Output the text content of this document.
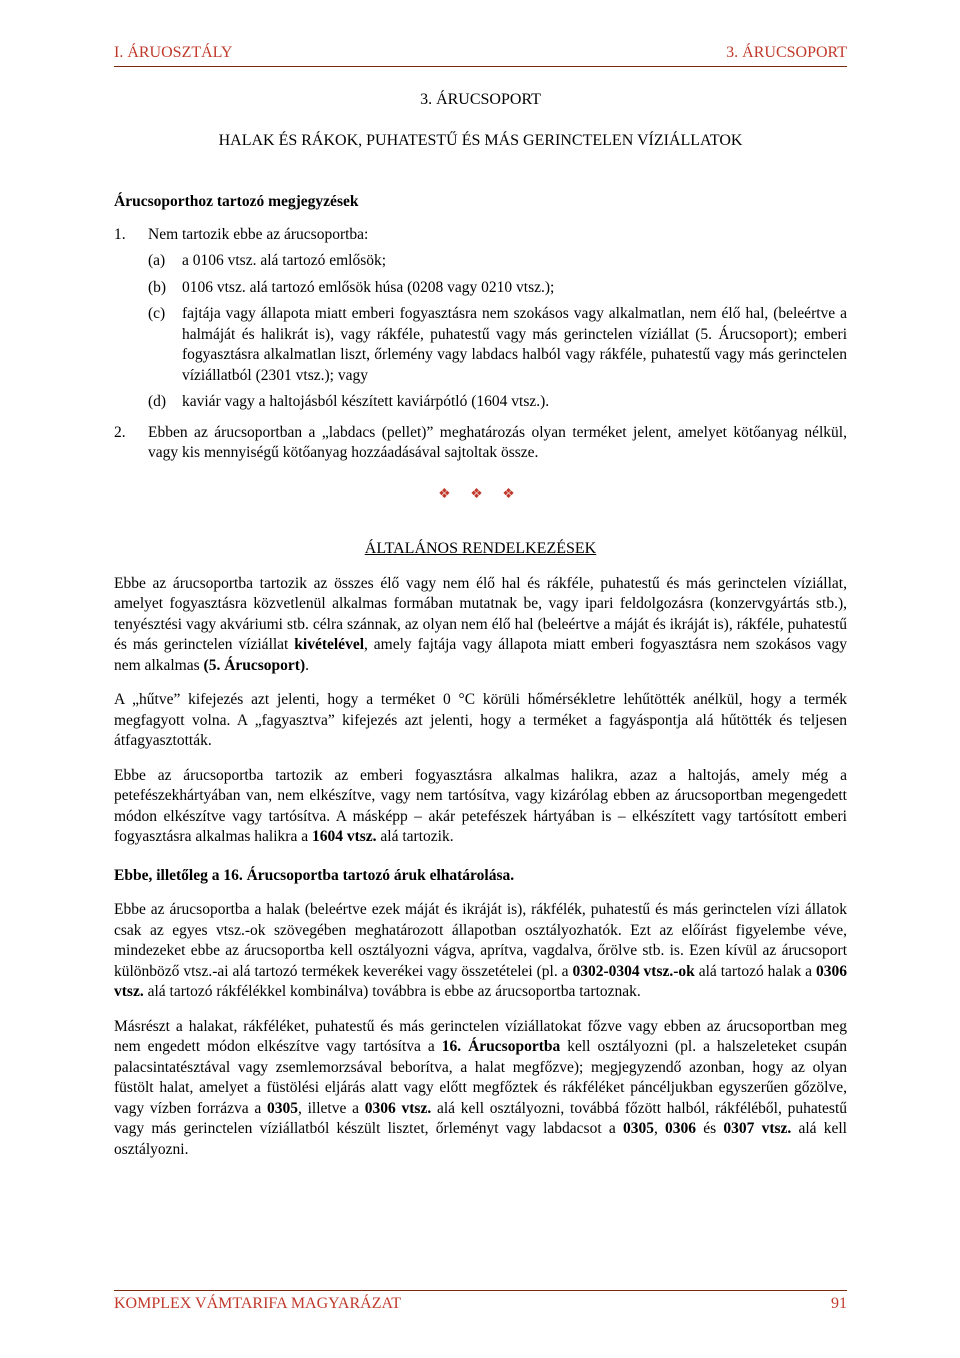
I. ÁRUOSZTÁLY	3. ÁRUCSOPORT
3. ÁRUCSOPORT
HALAK ÉS RÁKOK, PUHATESTŰ ÉS MÁS GERINCTELEN VÍZIÁLLATOK
Árucsoporthoz tartozó megjegyzések
1.	Nem tartozik ebbe az árucsoportba:
(a)	a 0106 vtsz. alá tartozó emlősök;
(b)	0106 vtsz. alá tartozó emlősök húsa (0208 vagy 0210 vtsz.);
(c)	fajtája vagy állapota miatt emberi fogyasztásra nem szokásos vagy alkalmatlan, nem élő hal, (beleértve a halmáját és halikrát is), vagy rákféle, puhatestű vagy más gerinctelen víziállat (5. Árucsoport); emberi fogyasztásra alkalmatlan liszt, őrlemény vagy labdacs halból vagy rákféle, puhatestű vagy más gerinctelen víziállatból (2301 vtsz.); vagy
(d)	kaviár vagy a haltojásból készített kaviárpótló (1604 vtsz.).
2.	Ebben az árucsoportban a „labdacs (pellet)” meghatározás olyan terméket jelent, amelyet kötőanyag nélkül, vagy kis mennyiségű kötőanyag hozzáadásával sajtoltak össze.
❖ ❖ ❖
ÁLTALÁNOS RENDELKEZÉSEK

Ebbe az árucsoportba tartozik az összes élő vagy nem élő hal és rákféle, puhatestű és más gerinctelen víziállat, amelyet fogyasztásra közvetlenül alkalmas formában mutatnak be, vagy ipari feldolgozásra (konzervgyártás stb.), tenyésztési vagy akváriumi stb. célra szánnak, az olyan nem élő hal (beleértve a máját és ikráját is), rákféle, puhatestű és más gerinctelen víziállat kivételével, amely fajtája vagy állapota miatt emberi fogyasztásra nem szokásos vagy nem alkalmas (5. Árucsoport).

A „hűtve” kifejezés azt jelenti, hogy a terméket 0 °C körüli hőmérsékletre lehűtötték anélkül, hogy a termék megfagyott volna. A „fagyasztva” kifejezés azt jelenti, hogy a terméket a fagyáspontja alá hűtötték és teljesen átfagyasztották.

Ebbe az árucsoportba tartozik az emberi fogyasztásra alkalmas halikra, azaz a haltojás, amely még a petefészekhártyában van, nem elkészítve, vagy nem tartósítva, vagy kizárólag ebben az árucsoportban megengedett módon elkészítve vagy tartósítva. A másképp – akár petefészek hártyában is – elkészített vagy tartósított emberi fogyasztásra alkalmas halikra a 1604 vtsz. alá tartozik.

Ebbe, illetőleg a 16. Árucsoportba tartozó áruk elhatárolása.

Ebbe az árucsoportba a halak (beleértve ezek máját és ikráját is), rákfélék, puhatestű és más gerinctelen vízi állatok csak az egyes vtsz.-ok szövegében meghatározott állapotban osztályozhatók. Ezt az előírást figyelembe véve, mindezeket ebbe az árucsoportba kell osztályozni vágva, aprítva, vagdalva, őrölve stb. is. Ezen kívül az árucsoport különböző vtsz.-ai alá tartozó termékek keverékei vagy összetételei (pl. a 0302-0304 vtsz.-ok alá tartozó halak a 0306 vtsz. alá tartozó rákfélékkel kombinálva) továbbra is ebbe az árucsoportba tartoznak.

Másrészt a halakat, rákféléket, puhatestű és más gerinctelen víziállatokat főzve vagy ebben az árucsoportban meg nem engedett módon elkészítve vagy tartósítva a 16. Árucsoportba kell osztályozni (pl. a halszeleteket csupán palacsintatésztával vagy zsemlemorzsával beborítva, a halat megfőzve); megjegyzendő azonban, hogy az olyan füstölt halat, amelyet a füstölési eljárás alatt vagy előtt megfőztek és rákféléket páncéljukban egyszerűen gőzölve, vagy vízben forrázva a 0305, illetve a 0306 vtsz. alá kell osztályozni, továbbá főzött halból, rákféléből, puhatestű vagy más gerinctelen víziállatból készült lisztet, őrleményt vagy labdacsot a 0305, 0306 és 0307 vtsz. alá kell osztályozni.

KOMPLEX VÁMTARIFA MAGYARÁZAT	91
